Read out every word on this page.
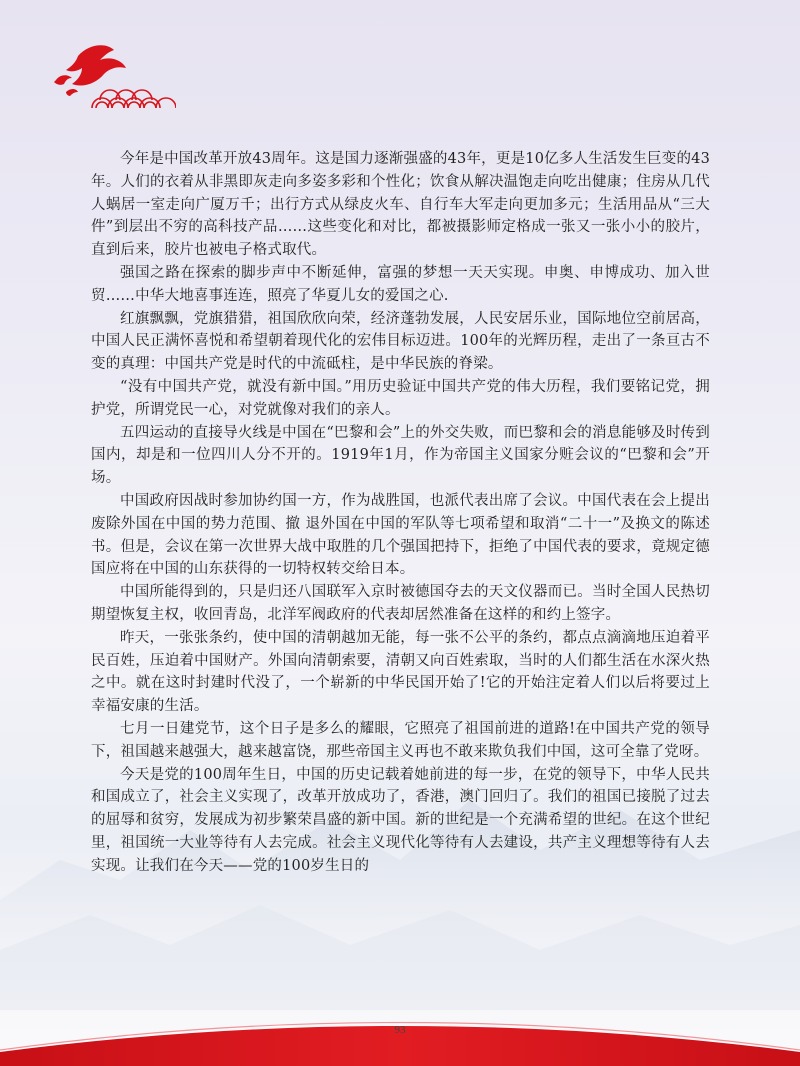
今年是中国改革开放43周年。这是国力逐渐强盛的43年，更是10亿多人生活发生巨变的43年。人们的衣着从非黑即灰走向多姿多彩和个性化；饮食从解决温饱走向吃出健康；住房从几代人蜗居一室走向广厦万千；出行方式从绿皮火车、自行车大军走向更加多元；生活用品从“三大件”到层出不穷的高科技产品……这些变化和对比，都被摄影师定格成一张又一张小小的胶片，直到后来，胶片也被电子格式取代。

强国之路在探索的脚步声中不断延伸，富强的梦想一天天实现。申奥、申博成功、加入世贸……中华大地喜事连连，照亮了华夏儿女的爱国之心.

红旗飘飘，党旗猎猎，祖国欣欣向荣，经济蓬勃发展，人民安居乐业，国际地位空前居高，中国人民正满怀喜悦和希望朝着现代化的宏伟目标迈进。100年的光辉历程，走出了一条亘古不变的真理：中国共产党是时代的中流砥柱，是中华民族的脊梁。

“没有中国共产党，就没有新中国。”用历史验证中国共产党的伟大历程，我们要铭记党，拥护党，所谓党民一心，对党就像对我们的亲人。

五四运动的直接导火线是中国在“巴黎和会”上的外交失败，而巴黎和会的消息能够及时传到国内，却是和一位四川人分不开的。1919年1月，作为帝国主义国家分赃会议的“巴黎和会”开场。

中国政府因战时参加协约国一方，作为战胜国，也派代表出席了会议。中国代表在会上提出废除外国在中国的势力范围、撤 退外国在中国的军队等七项希望和取消“二十一”及换文的陈述书。但是，会议在第一次世界大战中取胜的几个强国把持下，拒绝了中国代表的要求，竟规定德国应将在中国的山东获得的一切特权转交给日本。

中国所能得到的，只是归还八国联军入京时被德国夺去的天文仪器而已。当时全国人民热切期望恢复主权，收回青岛，北洋军阀政府的代表却居然准备在这样的和约上签字。

昨天，一张张条约，使中国的清朝越加无能，每一张不公平的条约，都点点滴滴地压迫着平民百姓，压迫着中国财产。外国向清朝索要，清朝又向百姓索取，当时的人们都生活在水深火热之中。就在这时封建时代没了，一个崭新的中华民国开始了!它的开始注定着人们以后将要过上幸福安康的生活。

七月一日建党节，这个日子是多么的耀眼，它照亮了祖国前进的道路!在中国共产党的领导下，祖国越来越强大，越来越富饶，那些帝国主义再也不敢来欺负我们中国，这可全靠了党呀。

今天是党的100周年生日，中国的历史记载着她前进的每一步，在党的领导下，中华人民共和国成立了，社会主义实现了，改革开放成功了，香港，澳门回归了。我们的祖国已接脱了过去的屈辱和贫穷，发展成为初步繁荣昌盛的新中国。新的世纪是一个充满希望的世纪。在这个世纪里，祖国统一大业等待有人去完成。社会主义现代化等待有人去建设，共产主义理想等待有人去实现。让我们在今天——党的100岁生日的

93
